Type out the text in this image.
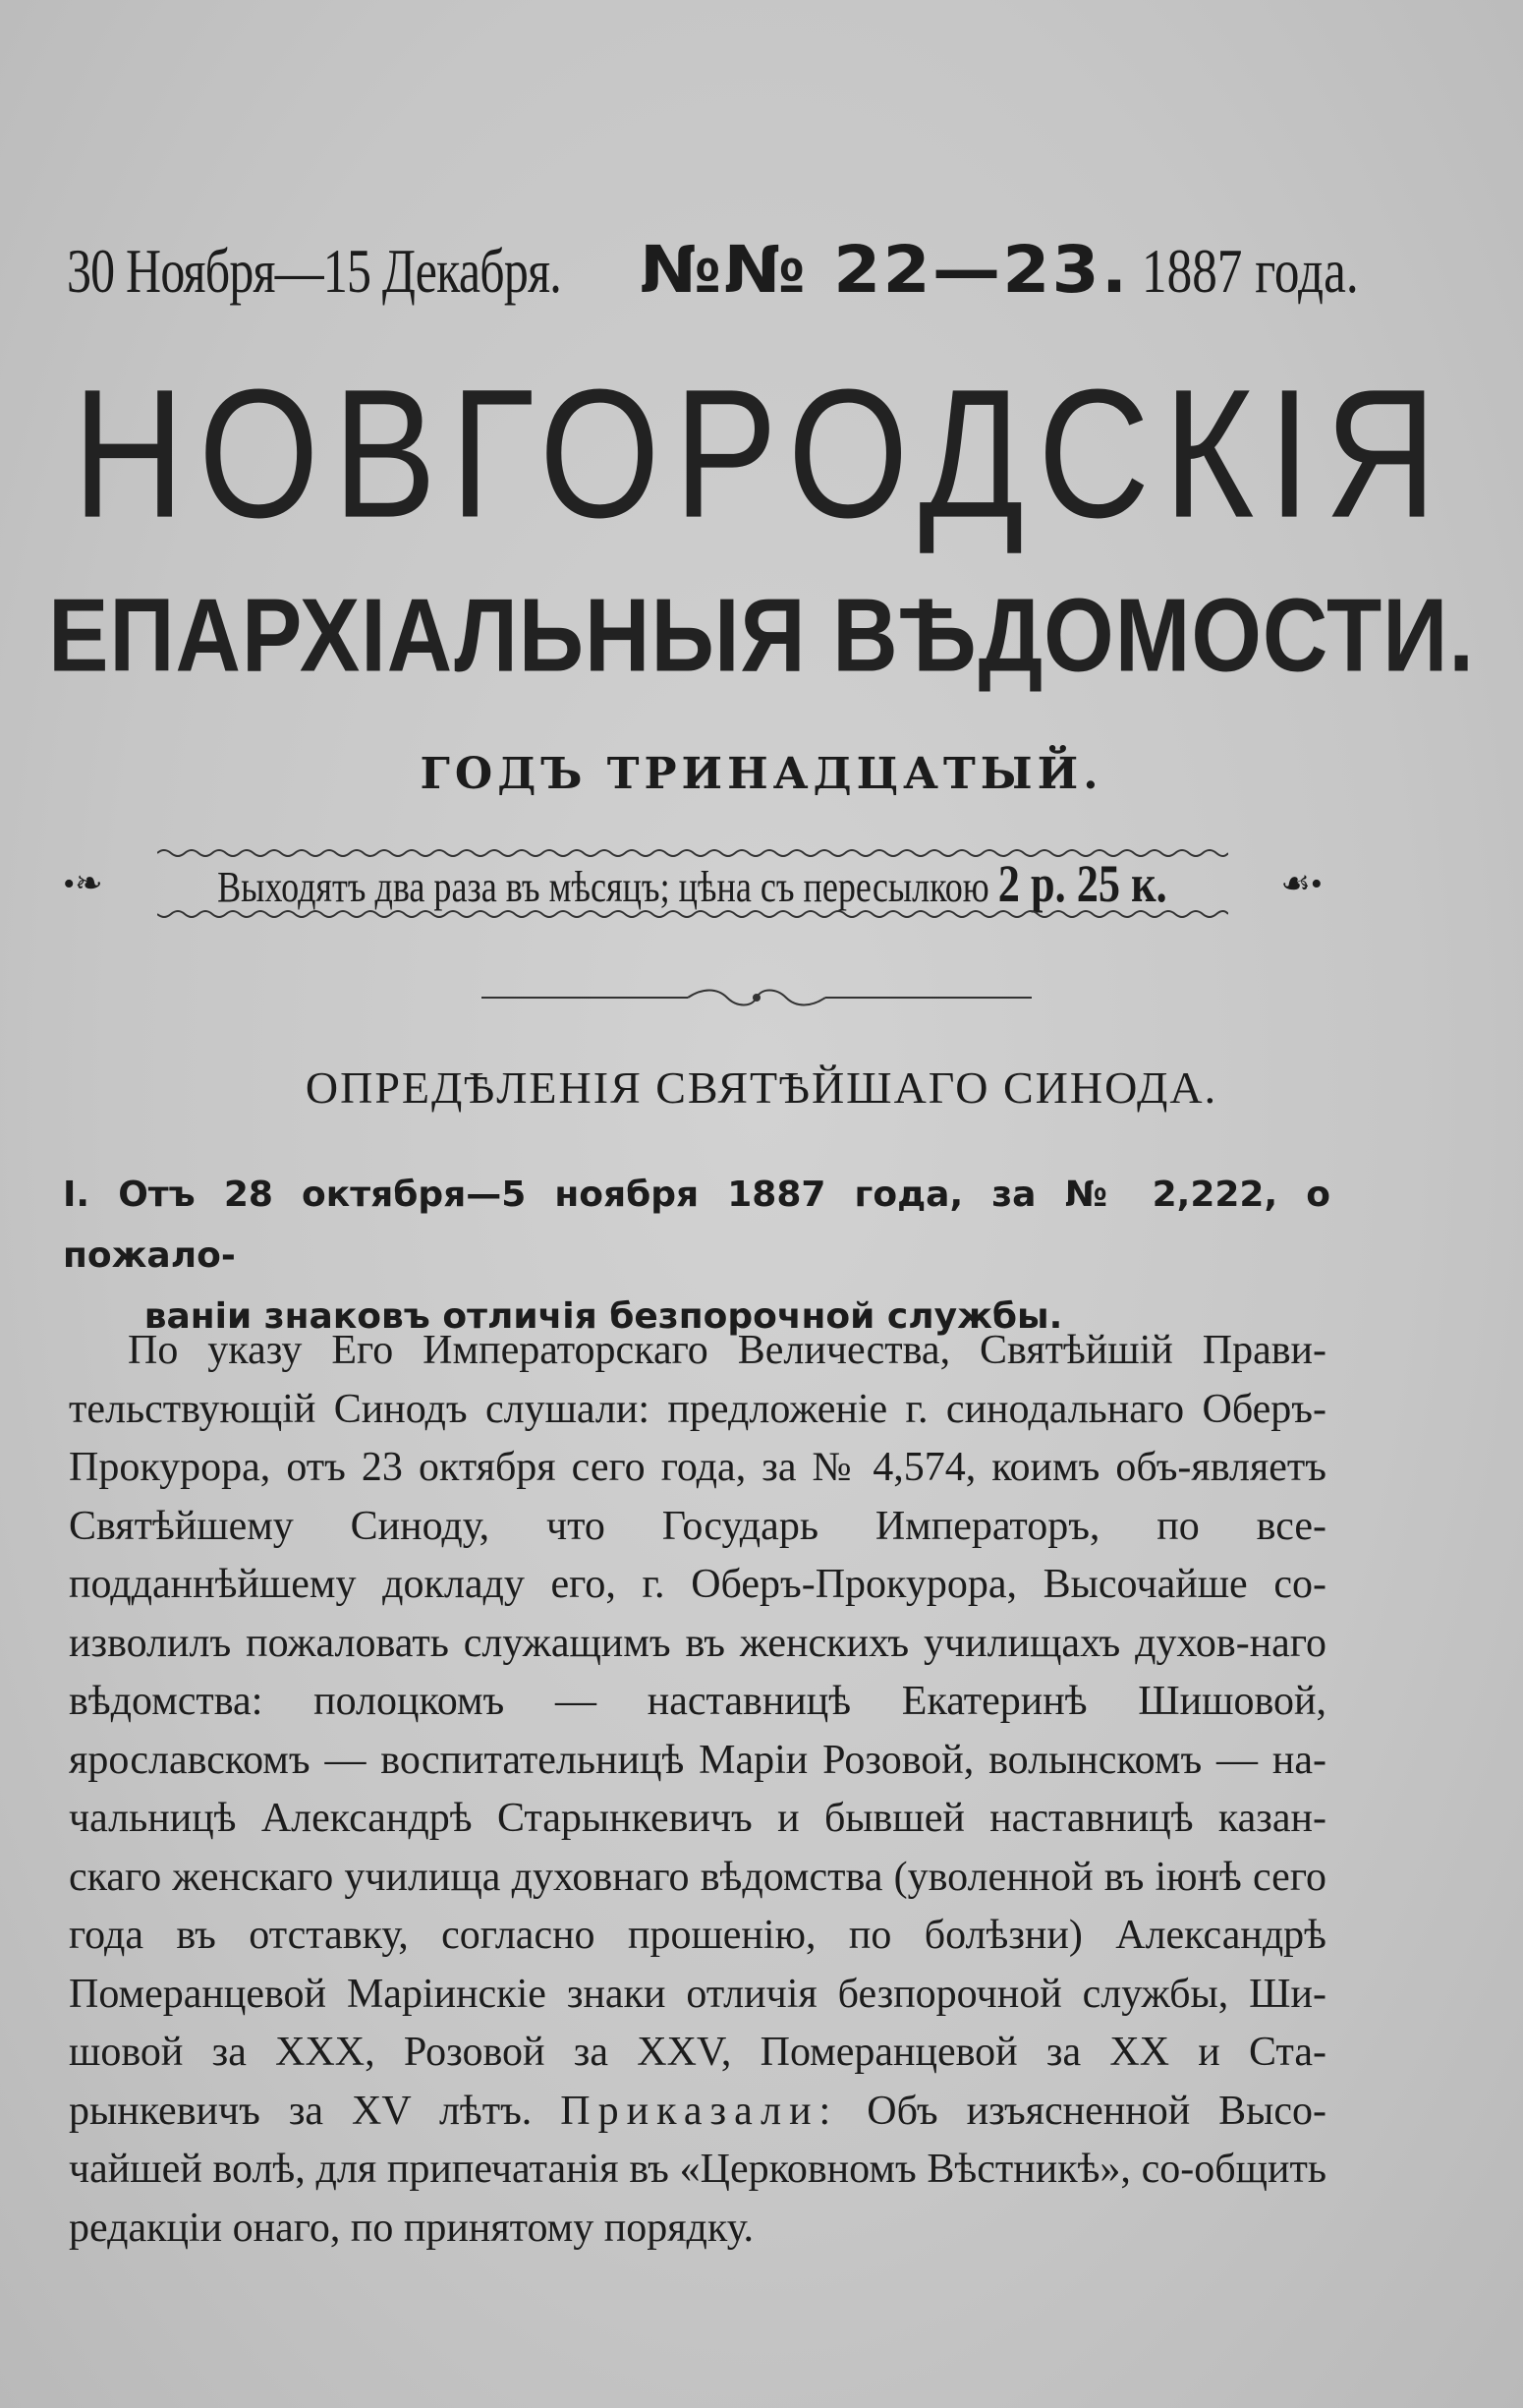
30 Ноября—15 Декабря. №№ 22—23. 1887 года.
НОВГОРОДСКІЯ
ЕПАРХІАЛЬНЫЯ ВѢДОМОСТИ.
ГОДЪ ТРИНАДЦАТЫЙ.
•❧	Выходятъ два раза въ мѣсяцъ; цѣна съ пересылкою 2 р. 25 к.	☙•
ОПРЕДѢЛЕНІЯ СВЯТѢЙШАГО СИНОДА.

I. Отъ 28 октября—5 ноября 1887 года, за № 2,222, о пожало-

ваніи знаковъ отличія безпорочной службы.

По указу Его Императорскаго Величества, Святѣйшій Прави-тельствующій Синодъ слушали: предложеніе г. синодальнаго Оберъ-Прокурора, отъ 23 октября сего года, за № 4,574, коимъ объ-являетъ Святѣйшему Синоду, что Государь Императоръ, по все-подданнѣйшему докладу его, г. Оберъ-Прокурора, Высочайше со-изволилъ пожаловать служащимъ въ женскихъ училищахъ духов-наго вѣдомства: полоцкомъ — наставницѣ Екатеринѣ Шишовой, ярославскомъ — воспитательницѣ Маріи Розовой, волынскомъ — на-чальницѣ Александрѣ Старынкевичъ и бывшей наставницѣ казан-скаго женскаго училища духовнаго вѣдомства (уволенной въ іюнѣ сего года въ отставку, согласно прошенію, по болѣзни) Александрѣ Померанцевой Маріинскіе знаки отличія безпорочной службы, Ши-шовой за XXX, Розовой за XXV, Померанцевой за XX и Ста-рынкевичъ за XV лѣтъ. Приказали: Объ изъясненной Высо-чайшей волѣ, для припечатанія въ «Церковномъ Вѣстникѣ», со-общить редакціи онаго, по принятому порядку.
